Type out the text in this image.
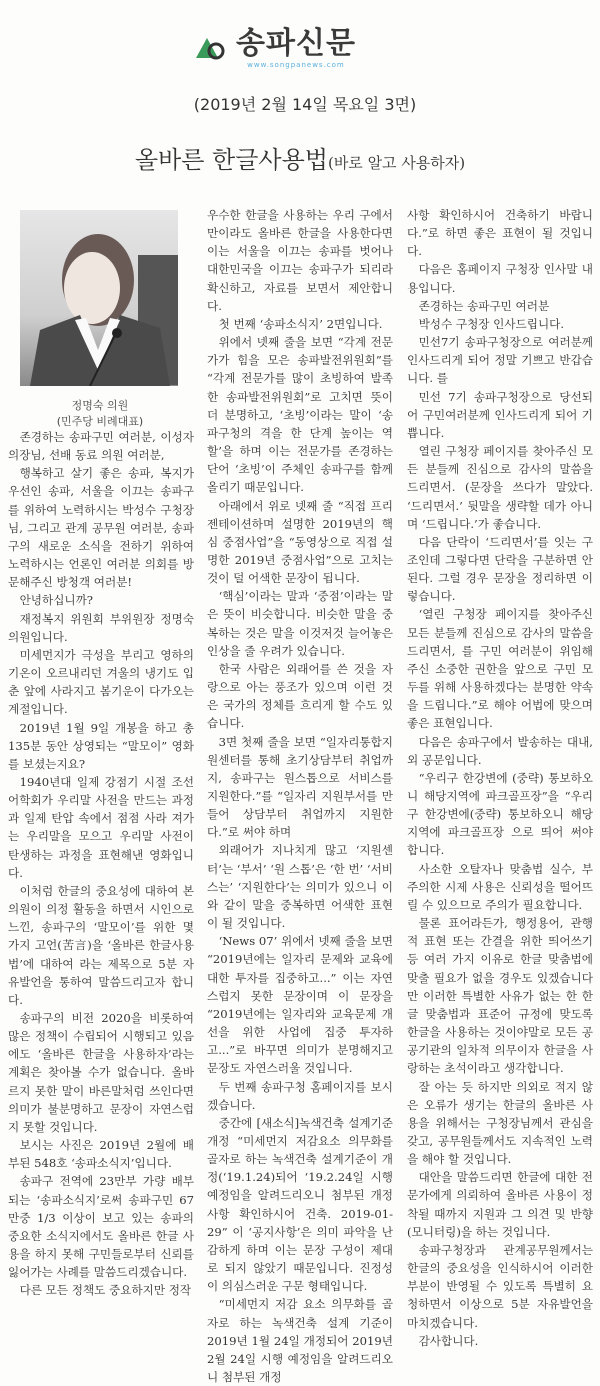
송파신문
www.songpanews.com
(2019년 2월 14일 목요일 3면)
올바른 한글사용법(바로 알고 사용하자)
정명숙 의원
(민주당 비례대표)

존경하는 송파구민 여러분, 이성자 의장님, 선배 동료 의원 여러분,

행복하고 살기 좋은 송파, 복지가 우선인 송파, 서울을 이끄는 송파구를 위하여 노력하시는 박성수 구청장님, 그리고 관계 공무원 여러분, 송파구의 새로운 소식을 전하기 위하여 노력하시는 언론인 여러분 의회를 방문해주신 방청객 여러분!

안녕하십니까?

재정복지 위원회 부위원장 정명숙 의원입니다.

미세먼지가 극성을 부리고 영하의 기온이 오르내리던 겨울의 냉기도 입춘 앞에 사라지고 봄기운이 다가오는 계절입니다.

2019년 1월 9일 개봉을 하고 총 135분 동안 상영되는 “말모이” 영화를 보셨는지요?

1940년대 일제 강점기 시절 조선어학회가 우리말 사전을 만드는 과정과 일제 탄압 속에서 점점 사라 져가는 우리말을 모으고 우리말 사전이 탄생하는 과정을 표현해낸 영화입니다.

이처럼 한글의 중요성에 대하여 본 의원이 의정 활동을 하면서 시인으로 느낀, 송파구의 ‘말모이’를 위한 몇 가지 고언(苦言)을 ‘올바른 한글사용법’에 대하여 라는 제목으로 5분 자유발언을 통하여 말씀드리고자 합니다.

송파구의 비전 2020을 비롯하여 많은 정책이 수립되어 시행되고 있음에도 ‘올바른 한글을 사용하자’라는 계획은 찾아볼 수가 없습니다. 올바르지 못한 말이 바른말처럼 쓰인다면 의미가 불분명하고 문장이 자연스럽지 못할 것입니다.

보시는 사진은 2019년 2월에 배부된 548호 ‘송파소식지’입니다.

송파구 전역에 23만부 가량 배부되는 ‘송파소식지’로써 송파구민 67만중 1/3 이상이 보고 있는 송파의 중요한 소식지에서도 올바른 한글 사용을 하지 못해 구민들로부터 신뢰를 잃어가는 사례를 말씀드리겠습니다.

다른 모든 정책도 중요하지만 정작

우수한 한글을 사용하는 우리 구에서만이라도 올바른 한글을 사용한다면 이는 서울을 이끄는 송파를 벗어나 대한민국을 이끄는 송파구가 되리라 확신하고, 자료를 보면서 제안합니다.

첫 번째 ‘송파소식지’ 2면입니다.

위에서 넷째 줄을 보면 “각계 전문가가 힘을 모은 송파발전위원회”를 “각계 전문가를 많이 초빙하여 발족한 송파발전위원회”로 고치면 뜻이 더 분명하고, ‘초빙’이라는 말이 ‘송파구청의 격을 한 단계 높이는 역할’을 하며 이는 전문가를 존경하는 단어 ‘초빙’이 주체인 송파구를 함께 올리기 때문입니다.

아래에서 위로 넷째 줄 “직접 프리젠테이션하며 설명한 2019년의 핵심 중점사업”을 “동영상으로 직접 설명한 2019년 중점사업”으로 고치는 것이 덜 어색한 문장이 됩니다.

‘핵심’이라는 말과 ‘중점’이라는 말은 뜻이 비슷합니다. 비슷한 말을 중복하는 것은 말을 이것저것 늘어놓은 인상을 줄 우려가 있습니다.

한국 사람은 외래어를 쓴 것을 자랑으로 아는 풍조가 있으며 이런 것은 국가의 정체를 흐리게 할 수도 있습니다.

3면 첫째 줄을 보면 “일자리통합지원센터를 통해 초기상담부터 취업까지, 송파구는 원스톱으로 서비스를 지원한다.”를 “일자리 지원부서를 만들어 상담부터 취업까지 지원한다.”로 써야 하며

외래어가 지나치게 많고 ‘지원센터’는 ‘부서’ ‘원 스톱’은 ‘한 번’ ‘서비스는’ ‘지원한다’는 의미가 있으니 이와 같이 말을 중복하면 어색한 표현이 될 것입니다.

‘News 07’ 위에서 넷째 줄을 보면 “2019년에는 일자리 문제와 교육에 대한 투자를 집중하고...” 이는 자연스럽지 못한 문장이며 이 문장을 “2019년에는 일자리와 교육문제 개선을 위한 사업에 집중 투자하고...”로 바꾸면 의미가 분명해지고 문장도 자연스러울 것입니다.

두 번째 송파구청 홈페이지를 보시겠습니다.

중간에 [새소식]녹색건축 설계기준 개정 “미세먼지 저감요소 의무화를 골자로 하는 녹색건축 설계기준이 개정(‘19.1.24)되어 ‘19.2.24일 시행예정임을 알려드리오니 첨부된 개정사항 확인하시어 건축. 2019-01-29” 이 ‘공지사항’은 의미 파악을 난감하게 하며 이는 문장 구성이 제대로 되지 않았기 때문입니다. 진정성이 의심스러운 구문 형태입니다.

“미세먼지 저감 요소 의무화를 골자로 하는 녹색건축 설계 기준이 2019년 1월 24일 개정되어 2019년 2월 24일 시행 예정임을 알려드리오니 첨부된 개정

사항 확인하시어 건축하기 바랍니다.”로 하면 좋은 표현이 될 것입니다.

다음은 홈페이지 구청장 인사말 내용입니다.

존경하는 송파구민 여러분

박성수 구청장 인사드립니다.

민선7기 송파구청장으로 여러분께 인사드리게 되어 정말 기쁘고 반갑습니다. 를

민선 7기 송파구청장으로 당선되어 구민여러분께 인사드리게 되어 기쁩니다.

열린 구청장 페이지를 찾아주신 모든 분들께 진심으로 감사의 말씀을 드리면서. (문장을 쓰다가 말았다. ‘드리면서.’ 뒷말을 생략할 데가 아니며 ‘드립니다.’가 좋습니다.

다음 단락이 ‘드리면서’를 잇는 구조인데 그렇다면 단락을 구분하면 안 된다. 그럴 경우 문장을 정리하면 이렇습니다.

‘열린 구청장 페이지를 찾아주신 모든 분들께 진심으로 감사의 말씀을 드리면서, 를 구민 여러분이 위임해주신 소중한 권한을 앞으로 구민 모두를 위해 사용하겠다는 분명한 약속을 드립니다.”로 해야 어법에 맞으며 좋은 표현입니다.

다음은 송파구에서 발송하는 대내, 외 공문입니다.

“우리구 한강변에 (중략) 통보하오니 해당지역에 파크골프장”을 “우리구 한강변에(중략) 통보하오니 해당 지역에 파크골프장 으로 띄어 써야 합니다.

사소한 오탈자나 맞춤법 실수, 부주의한 시제 사용은 신뢰성을 떨어뜨릴 수 있으므로 주의가 필요합니다.

물론 표어라든가, 행정용어, 관행적 표현 또는 간결을 위한 띄어쓰기 등 여러 가지 이유로 한글 맞춤법에 맞출 필요가 없을 경우도 있겠습니다만 이러한 특별한 사유가 없는 한 한글 맞춤법과 표준어 규정에 맞도록 한글을 사용하는 것이야말로 모든 공공기관의 일차적 의무이자 한글을 사랑하는 초석이라고 생각합니다.

잘 아는 듯 하지만 의외로 적지 않은 오류가 생기는 한글의 올바른 사용을 위해서는 구청장님께서 관심을 갖고, 공무원들께서도 지속적인 노력을 해야 할 것입니다.

대안을 말씀드리면 한글에 대한 전문가에게 의뢰하여 올바른 사용이 정착될 때까지 지원과 그 의견 및 반향(모니터링)을 하는 것입니다.

송파구청장과 관계공무원께서는 한글의 중요성을 인식하시어 이러한 부분이 반영될 수 있도록 특별히 요청하면서 이상으로 5분 자유발언을 마치겠습니다.

감사합니다.
